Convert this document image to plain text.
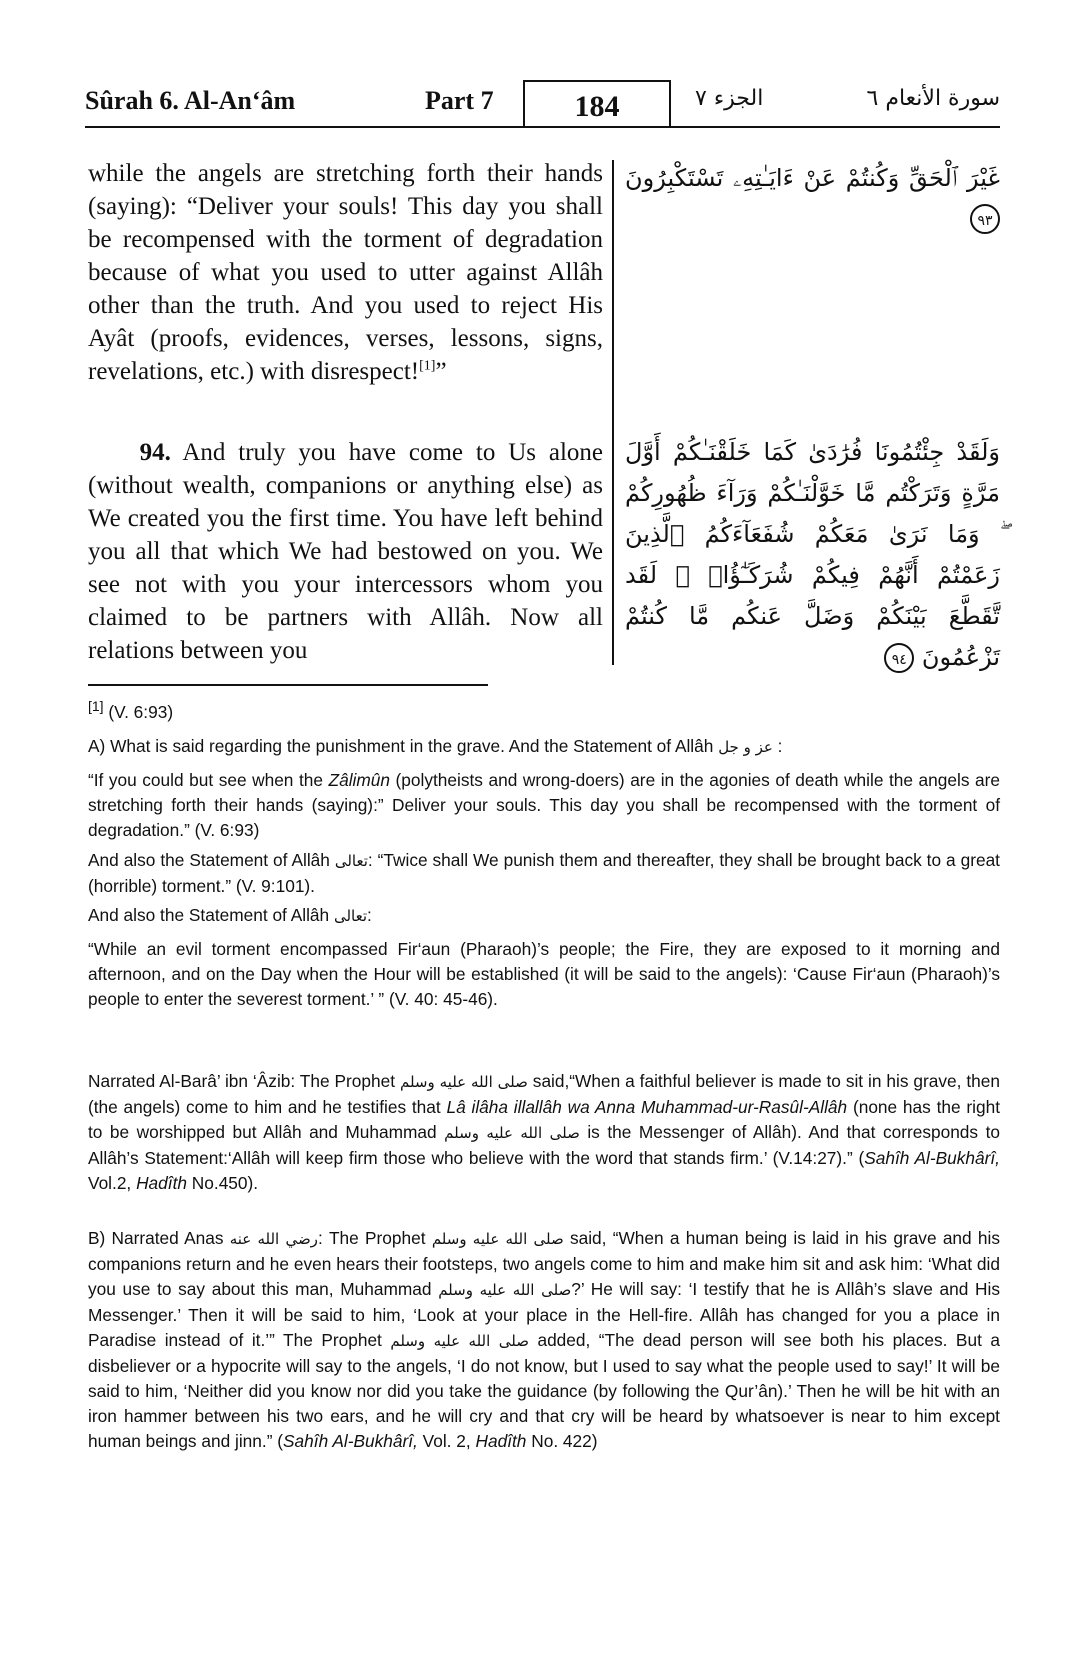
Sûrah 6. Al-An‘âm	Part 7	184	الجزء ٧	سورة الأنعام ٦
while the angels are stretching forth their hands (saying): “Deliver your souls! This day you shall be recompensed with the torment of degradation because of what you used to utter against Allâh other than the truth. And you used to reject His Ayât (proofs, evidences, verses, lessons, signs, revelations, etc.) with disrespect![1]”
94. And truly you have come to Us alone (without wealth, companions or anything else) as We created you the first time. You have left behind you all that which We had bestowed on you. We see not with you your intercessors whom you claimed to be partners with Allâh. Now all relations between you
غَيْرَ ٱلْحَقِّ وَكُنتُمْ عَنْ ءَايَـٰتِهِۦ تَسْتَكْبِرُونَ ٩٣
وَلَقَدْ جِئْتُمُونَا فُرَٰدَىٰ كَمَا خَلَقْنَـٰكُمْ أَوَّلَ مَرَّةٍ وَتَرَكْتُم مَّا خَوَّلْنَـٰكُمْ وَرَآءَ ظُهُورِكُمْ ۖ وَمَا نَرَىٰ مَعَكُمْ شُفَعَآءَكُمُ ٱلَّذِينَ زَعَمْتُمْ أَنَّهُمْ فِيكُمْ شُرَكَـٰٓؤُا۟ ۚ لَقَد تَّقَطَّعَ بَيْنَكُمْ وَضَلَّ عَنكُم مَّا كُنتُمْ تَزْعُمُونَ ٩٤
[1] (V. 6:93)
A) What is said regarding the punishment in the grave. And the Statement of Allâh عز و جل :
“If you could but see when the Zâlimûn (polytheists and wrong-doers) are in the agonies of death while the angels are stretching forth their hands (saying):” Deliver your souls. This day you shall be recompensed with the torment of degradation.” (V. 6:93)
And also the Statement of Allâh تعالى: “Twice shall We punish them and thereafter, they shall be brought back to a great (horrible) torment.” (V. 9:101).
And also the Statement of Allâh تعالى:
“While an evil torment encompassed Fir‘aun (Pharaoh)’s people; the Fire, they are exposed to it morning and afternoon, and on the Day when the Hour will be established (it will be said to the angels): ‘Cause Fir‘aun (Pharaoh)’s people to enter the severest torment.’ ” (V. 40: 45-46).
Narrated Al-Barâ’ ibn ‘Âzib: The Prophet صلى الله عليه وسلم said,“When a faithful believer is made to sit in his grave, then (the angels) come to him and he testifies that Lâ ilâha illallâh wa Anna Muhammad-ur-Rasûl-Allâh (none has the right to be worshipped but Allâh and Muhammad صلى الله عليه وسلم is the Messenger of Allâh). And that corresponds to Allâh’s Statement:‘Allâh will keep firm those who believe with the word that stands firm.’ (V.14:27).” (Sahîh Al-Bukhârî, Vol.2, Hadîth No.450).
B) Narrated Anas رضي الله عنه: The Prophet صلى الله عليه وسلم said, “When a human being is laid in his grave and his companions return and he even hears their footsteps, two angels come to him and make him sit and ask him: ‘What did you use to say about this man, Muhammad صلى الله عليه وسلم?’ He will say: ‘I testify that he is Allâh’s slave and His Messenger.’ Then it will be said to him, ‘Look at your place in the Hell-fire. Allâh has changed for you a place in Paradise instead of it.’” The Prophet صلى الله عليه وسلم added, “The dead person will see both his places. But a disbeliever or a hypocrite will say to the angels, ‘I do not know, but I used to say what the people used to say!’ It will be said to him, ‘Neither did you know nor did you take the guidance (by following the Qur’ân).’ Then he will be hit with an iron hammer between his two ears, and he will cry and that cry will be heard by whatsoever is near to him except human beings and jinn.” (Sahîh Al-Bukhârî, Vol. 2, Hadîth No. 422)
